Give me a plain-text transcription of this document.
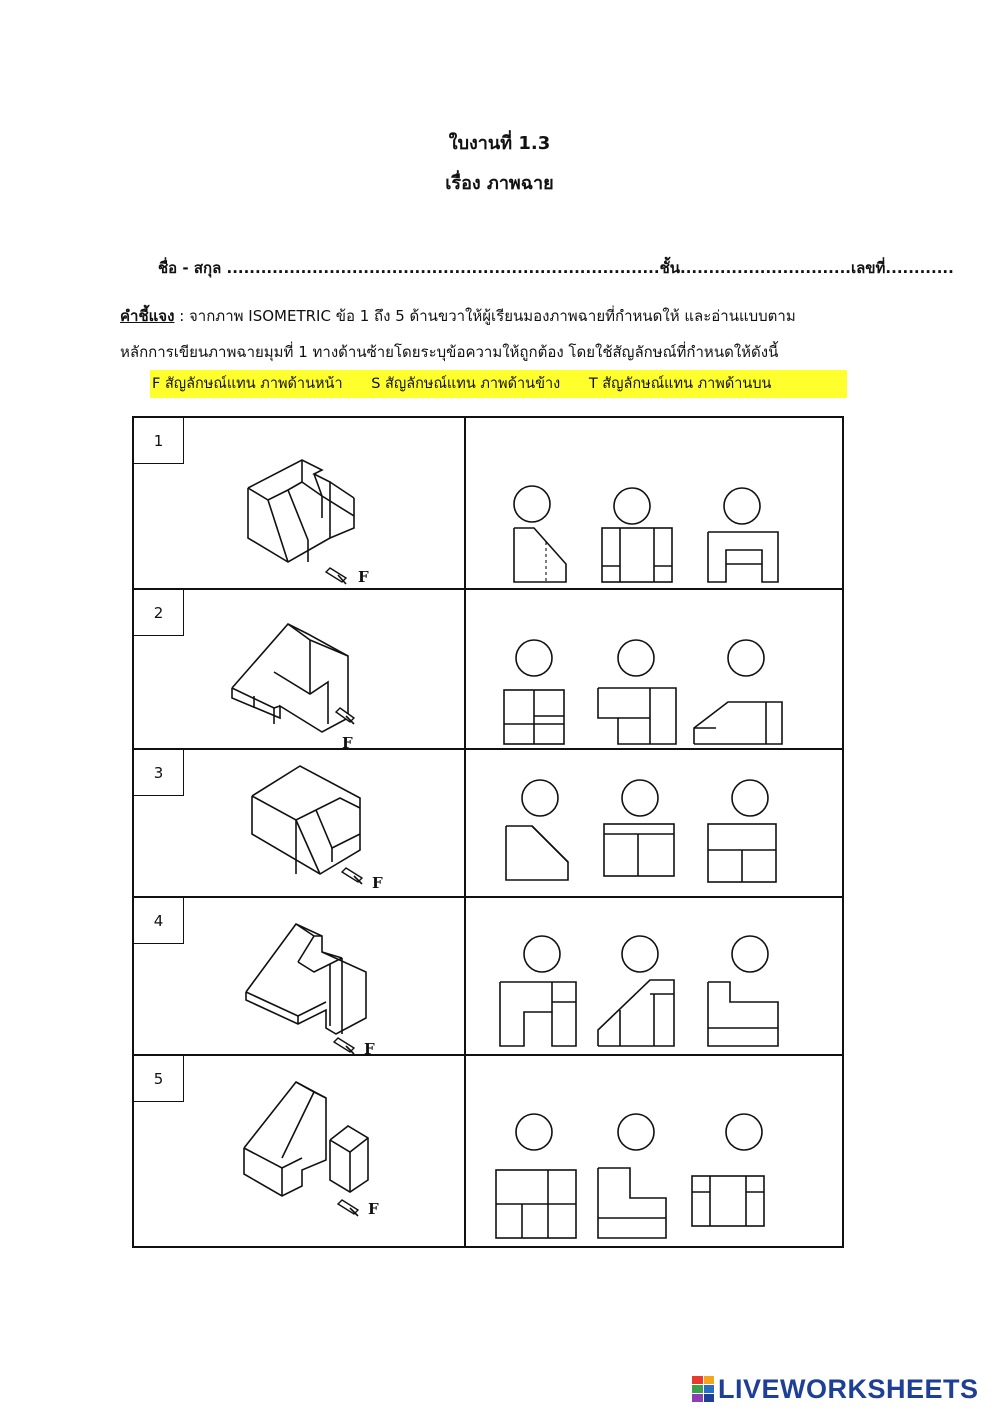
ใบงานที่ 1.3
เรื่อง ภาพฉาย
ชื่อ - สกุล ............................................................................ชั้น..............................เลขที่............
คำชี้แจง : จากภาพ ISOMETRIC ข้อ 1 ถึง 5 ด้านขวาให้ผู้เรียนมองภาพฉายที่กำหนดให้ และอ่านแบบตาม
หลักการเขียนภาพฉายมุมที่ 1 ทางด้านซ้ายโดยระบุข้อความให้ถูกต้อง โดยใช้สัญลักษณ์ที่กำหนดให้ดังนี้
F สัญลักษณ์แทน ภาพด้านหน้า S สัญลักษณ์แทน ภาพด้านข้าง T สัญลักษณ์แทน ภาพด้านบน
1
2
3
4
5
F
F
F
F
F
LIVEWORKSHEETS
